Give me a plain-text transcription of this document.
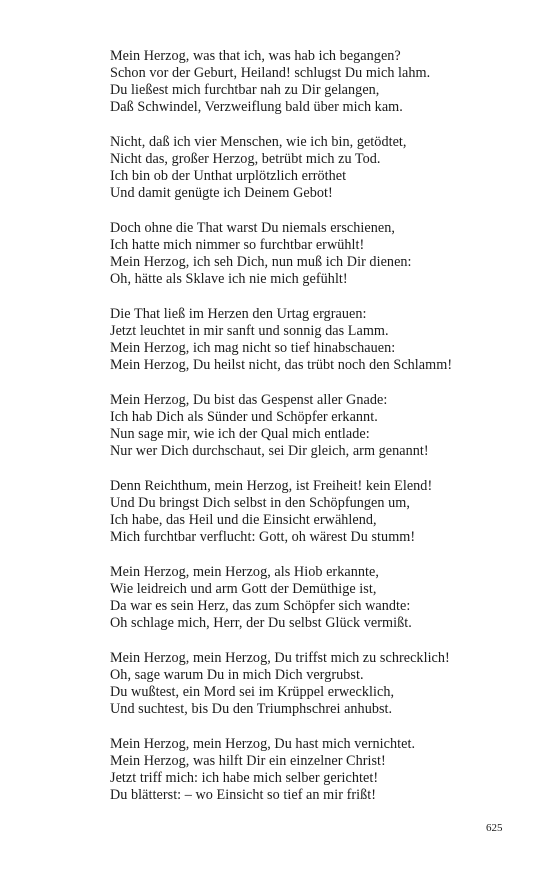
Mein Herzog, was that ich, was hab ich begangen?
Schon vor der Geburt, Heiland! schlugst Du mich lahm.
Du ließest mich furchtbar nah zu Dir gelangen,
Daß Schwindel, Verzweiflung bald über mich kam.
Nicht, daß ich vier Menschen, wie ich bin, getödtet,
Nicht das, großer Herzog, betrübt mich zu Tod.
Ich bin ob der Unthat urplötzlich erröthet
Und damit genügte ich Deinem Gebot!
Doch ohne die That warst Du niemals erschienen,
Ich hatte mich nimmer so furchtbar erwühlt!
Mein Herzog, ich seh Dich, nun muß ich Dir dienen:
Oh, hätte als Sklave ich nie mich gefühlt!
Die That ließ im Herzen den Urtag ergrauen:
Jetzt leuchtet in mir sanft und sonnig das Lamm.
Mein Herzog, ich mag nicht so tief hinabschauen:
Mein Herzog, Du heilst nicht, das trübt noch den Schlamm!
Mein Herzog, Du bist das Gespenst aller Gnade:
Ich hab Dich als Sünder und Schöpfer erkannt.
Nun sage mir, wie ich der Qual mich entlade:
Nur wer Dich durchschaut, sei Dir gleich, arm genannt!
Denn Reichthum, mein Herzog, ist Freiheit! kein Elend!
Und Du bringst Dich selbst in den Schöpfungen um,
Ich habe, das Heil und die Einsicht erwählend,
Mich furchtbar verflucht: Gott, oh wärest Du stumm!
Mein Herzog, mein Herzog, als Hiob erkannte,
Wie leidreich und arm Gott der Demüthige ist,
Da war es sein Herz, das zum Schöpfer sich wandte:
Oh schlage mich, Herr, der Du selbst Glück vermißt.
Mein Herzog, mein Herzog, Du triffst mich zu schrecklich!
Oh, sage warum Du in mich Dich vergrubst.
Du wußtest, ein Mord sei im Krüppel erwecklich,
Und suchtest, bis Du den Triumphschrei anhubst.
Mein Herzog, mein Herzog, Du hast mich vernichtet.
Mein Herzog, was hilft Dir ein einzelner Christ!
Jetzt triff mich: ich habe mich selber gerichtet!
Du blätterst: – wo Einsicht so tief an mir frißt!
625
